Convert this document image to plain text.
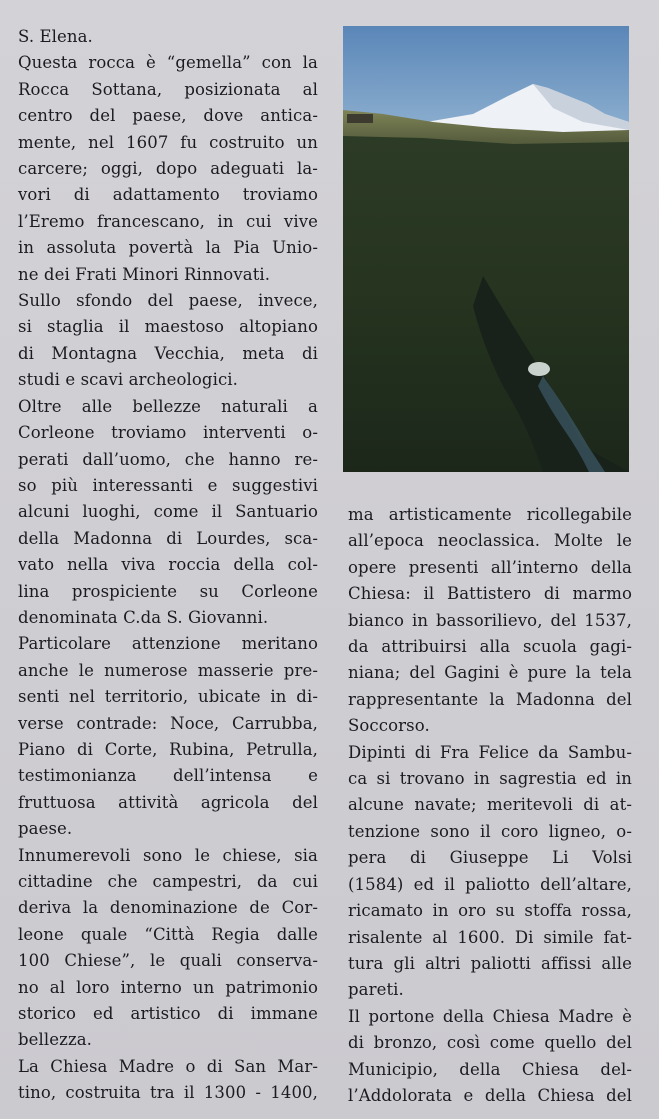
S. Elena.
Questa rocca è “gemella” con la
Rocca Sottana, posizionata al
centro del paese, dove antica-
mente, nel 1607 fu costruito un
carcere; oggi, dopo adeguati la-
vori di adattamento troviamo
l’Eremo francescano, in cui vive
in assoluta povertà la Pia Unio-
ne dei Frati Minori Rinnovati.
Sullo sfondo del paese, invece,
si staglia il maestoso altopiano
di Montagna Vecchia, meta di
studi e scavi archeologici.
Oltre alle bellezze naturali a
Corleone troviamo interventi o-
perati dall’uomo, che hanno re-
so più interessanti e suggestivi
alcuni luoghi, come il Santuario
della Madonna di Lourdes, sca-
vato nella viva roccia della col-
lina prospiciente su Corleone
denominata C.da S. Giovanni.
Particolare attenzione meritano
anche le numerose masserie pre-
senti nel territorio, ubicate in di-
verse contrade: Noce, Carrubba,
Piano di Corte, Rubina, Petrulla,
testimonianza dell’intensa e
fruttuosa attività agricola del
paese.
Innumerevoli sono le chiese, sia
cittadine che campestri, da cui
deriva la denominazione de Cor-
leone quale “Città Regia dalle
100 Chiese”, le quali conserva-
no al loro interno un patrimonio
storico ed artistico di immane
bellezza.
La Chiesa Madre o di San Mar-
tino, costruita tra il 1300 - 1400,
ma artisticamente ricollegabile
all’epoca neoclassica. Molte le
opere presenti all’interno della
Chiesa: il Battistero di marmo
bianco in bassorilievo, del 1537,
da attribuirsi alla scuola gagi-
niana; del Gagini è pure la tela
rappresentante la Madonna del
Soccorso.
Dipinti di Fra Felice da Sambu-
ca si trovano in sagrestia ed in
alcune navate; meritevoli di at-
tenzione sono il coro ligneo, o-
pera di Giuseppe Li Volsi
(1584) ed il paliotto dell’altare,
ricamato in oro su stoffa rossa,
risalente al 1600. Di simile fat-
tura gli altri paliotti affissi alle
pareti.
Il portone della Chiesa Madre è
di bronzo, così come quello del
Municipio, della Chiesa del-
l’Addolorata e della Chiesa del
